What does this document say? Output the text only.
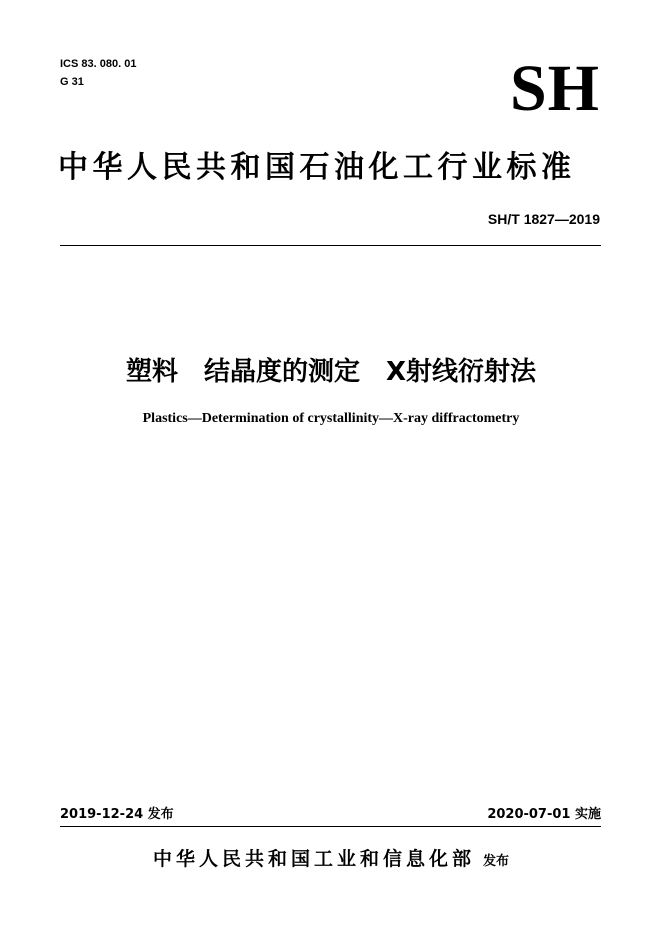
ICS 83. 080. 01
G 31	SH
中华人民共和国石油化工行业标准
SH/T 1827—2019
塑料　结晶度的测定　X射线衍射法
Plastics—Determination of crystallinity—X-ray diffractometry
2019-12-24 发布	2020-07-01 实施
中华人民共和国工业和信息化部 发布
